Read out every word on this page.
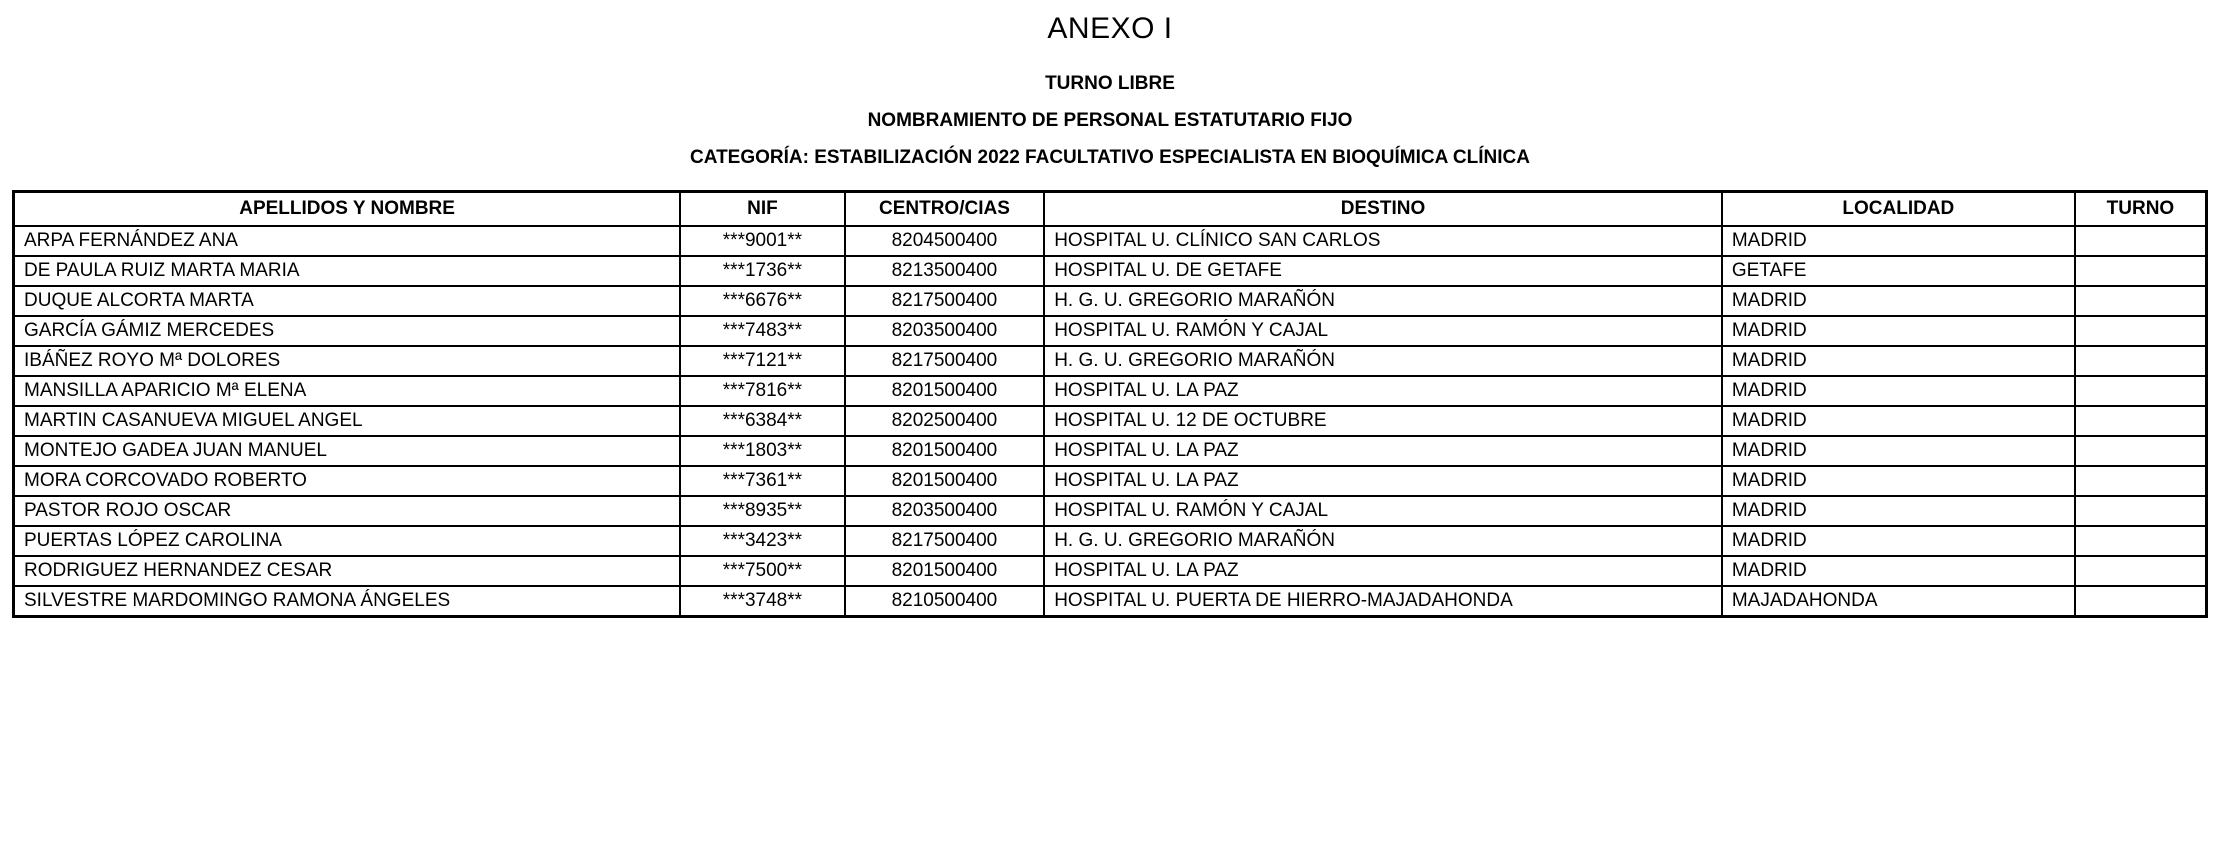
ANEXO I

TURNO LIBRE

NOMBRAMIENTO DE PERSONAL ESTATUTARIO FIJO

CATEGORÍA: ESTABILIZACIÓN 2022 FACULTATIVO ESPECIALISTA EN BIOQUÍMICA CLÍNICA

APELLIDOS Y NOMBRE	NIF	CENTRO/CIAS	DESTINO	LOCALIDAD	TURNO
ARPA FERNÁNDEZ ANA	***9001**	8204500400	HOSPITAL U. CLÍNICO SAN CARLOS	MADRID	
DE PAULA RUIZ MARTA MARIA	***1736**	8213500400	HOSPITAL U. DE GETAFE	GETAFE	
DUQUE ALCORTA MARTA	***6676**	8217500400	H. G. U. GREGORIO MARAÑÓN	MADRID	
GARCÍA GÁMIZ MERCEDES	***7483**	8203500400	HOSPITAL U. RAMÓN Y CAJAL	MADRID	
IBÁÑEZ ROYO Mª DOLORES	***7121**	8217500400	H. G. U. GREGORIO MARAÑÓN	MADRID	
MANSILLA APARICIO Mª ELENA	***7816**	8201500400	HOSPITAL U. LA PAZ	MADRID	
MARTIN CASANUEVA MIGUEL ANGEL	***6384**	8202500400	HOSPITAL U. 12 DE OCTUBRE	MADRID	
MONTEJO GADEA JUAN MANUEL	***1803**	8201500400	HOSPITAL U. LA PAZ	MADRID	
MORA CORCOVADO ROBERTO	***7361**	8201500400	HOSPITAL U. LA PAZ	MADRID	
PASTOR ROJO OSCAR	***8935**	8203500400	HOSPITAL U. RAMÓN Y CAJAL	MADRID	
PUERTAS LÓPEZ CAROLINA	***3423**	8217500400	H. G. U. GREGORIO MARAÑÓN	MADRID	
RODRIGUEZ HERNANDEZ CESAR	***7500**	8201500400	HOSPITAL U. LA PAZ	MADRID	
SILVESTRE MARDOMINGO RAMONA ÁNGELES	***3748**	8210500400	HOSPITAL U. PUERTA DE HIERRO-MAJADAHONDA	MAJADAHONDA	
